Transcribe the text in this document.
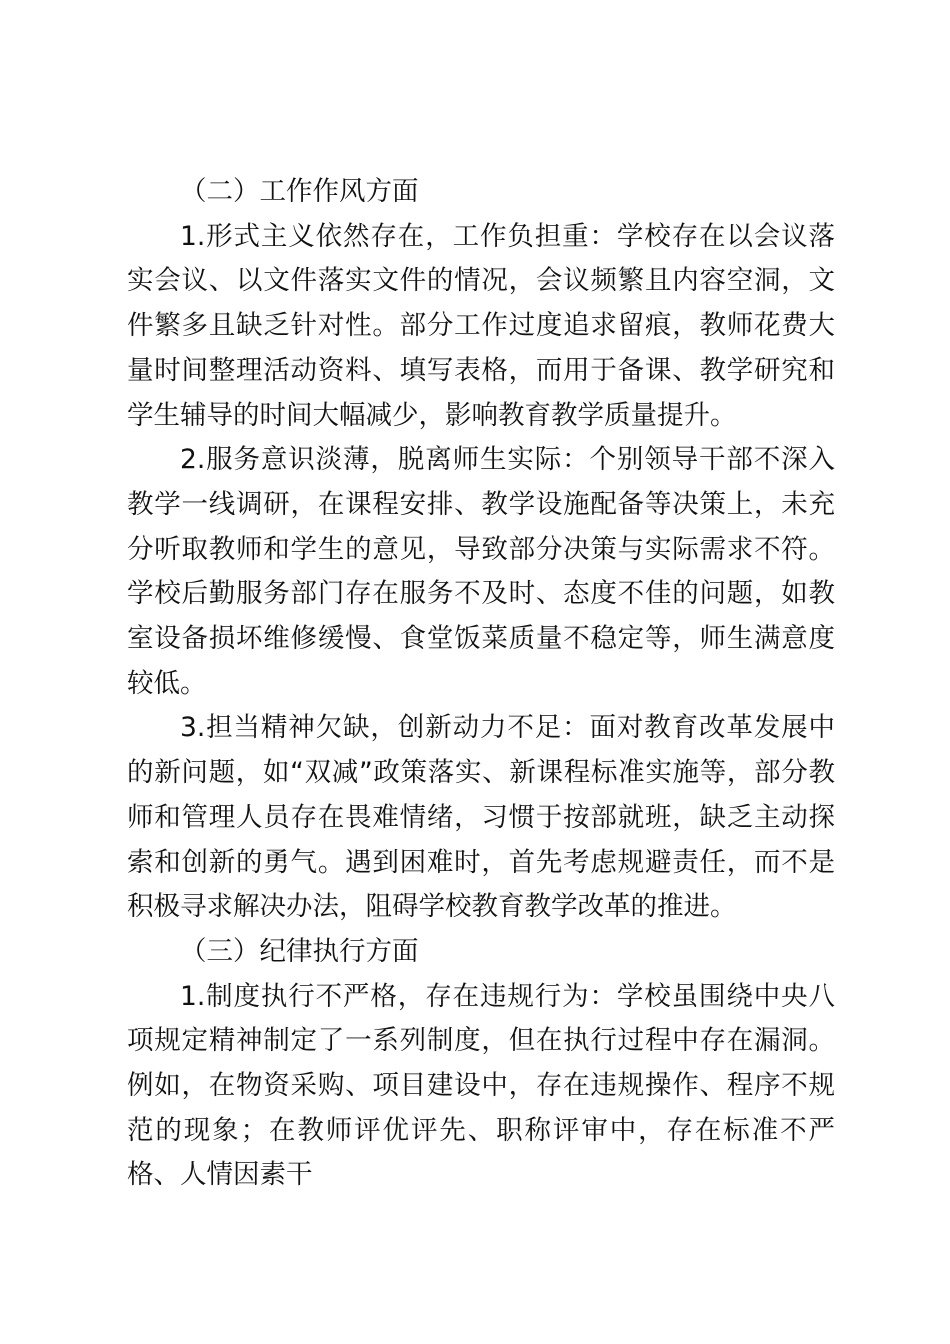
（二）工作作风方面

1.形式主义依然存在，工作负担重：学校存在以会议落实会议、以文件落实文件的情况，会议频繁且内容空洞，文件繁多且缺乏针对性。部分工作过度追求留痕，教师花费大量时间整理活动资料、填写表格，而用于备课、教学研究和学生辅导的时间大幅减少，影响教育教学质量提升。

2.服务意识淡薄，脱离师生实际：个别领导干部不深入教学一线调研，在课程安排、教学设施配备等决策上，未充分听取教师和学生的意见，导致部分决策与实际需求不符。学校后勤服务部门存在服务不及时、态度不佳的问题，如教室设备损坏维修缓慢、食堂饭菜质量不稳定等，师生满意度较低。

3.担当精神欠缺，创新动力不足：面对教育改革发展中的新问题，如“双减”政策落实、新课程标准实施等，部分教师和管理人员存在畏难情绪，习惯于按部就班，缺乏主动探索和创新的勇气。遇到困难时，首先考虑规避责任，而不是积极寻求解决办法，阻碍学校教育教学改革的推进。

（三）纪律执行方面

1.制度执行不严格，存在违规行为：学校虽围绕中央八项规定精神制定了一系列制度，但在执行过程中存在漏洞。例如，在物资采购、项目建设中，存在违规操作、程序不规范的现象；在教师评优评先、职称评审中，存在标准不严格、人情因素干
